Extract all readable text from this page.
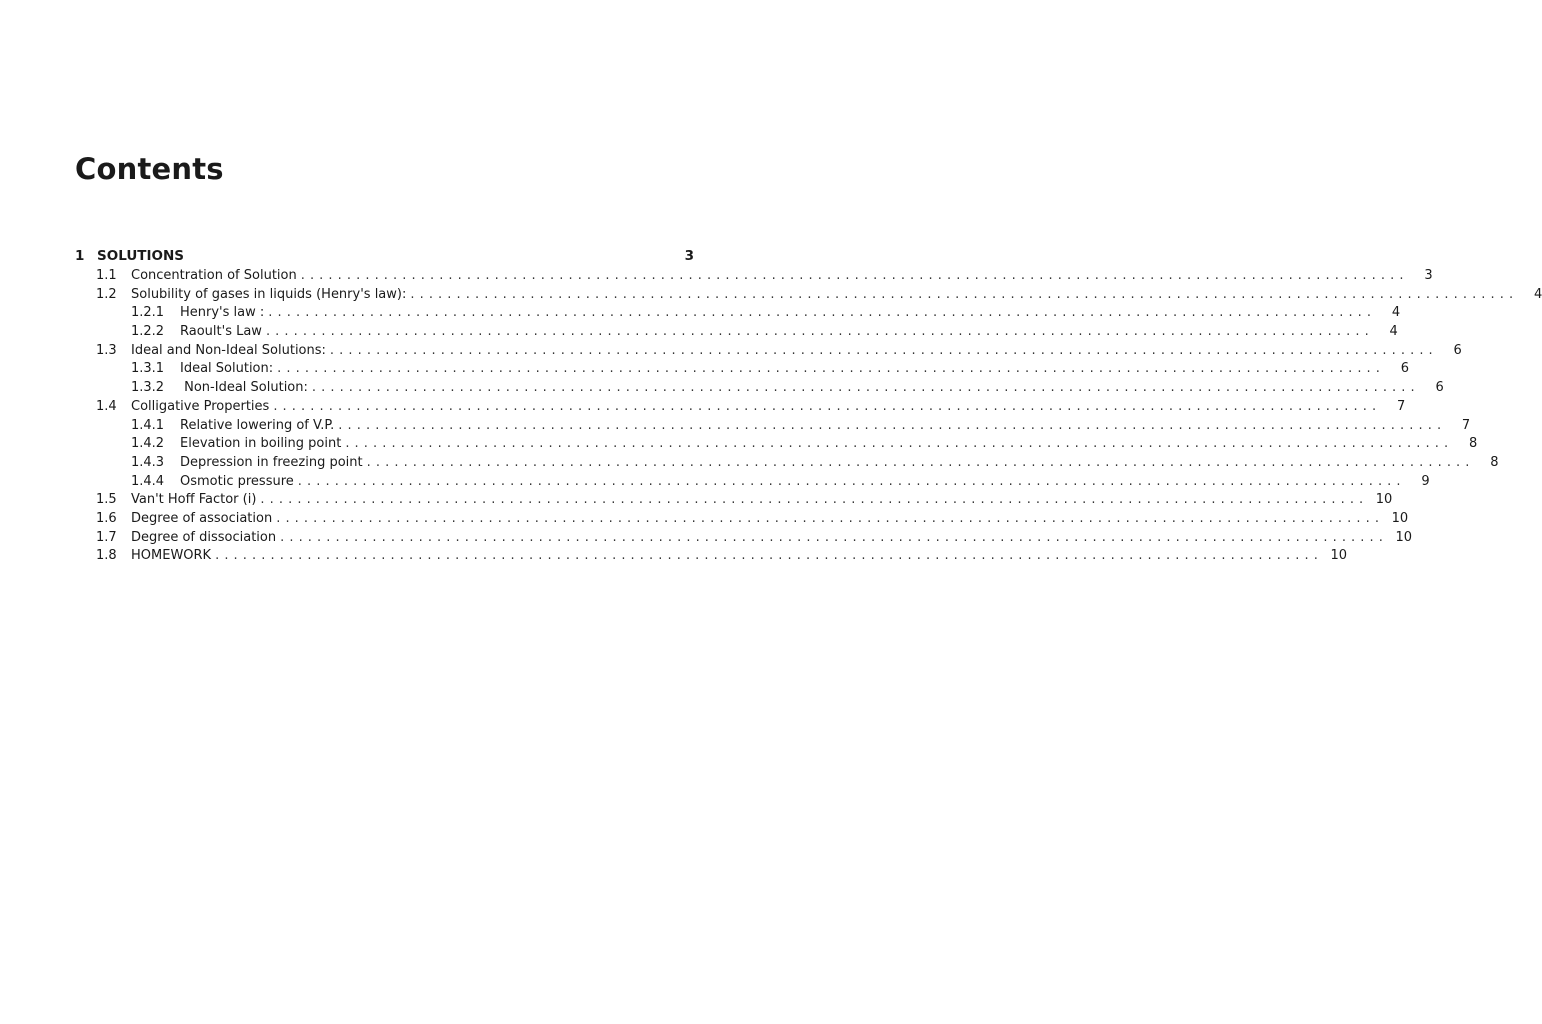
Contents
1 SOLUTIONS	3
1.1	Concentration of Solution ........................................................................................................................	3
1.2	Solubility of gases in liquids (Henry's law): ........................................................................................................................	4
1.2.1	Henry's law : ........................................................................................................................	4
1.2.2	Raoult's Law ........................................................................................................................	4
1.3	Ideal and Non-Ideal Solutions: ........................................................................................................................	6
1.3.1	Ideal Solution: ........................................................................................................................	6
1.3.2	Non-Ideal Solution: ........................................................................................................................	6
1.4	Colligative Properties ........................................................................................................................	7
1.4.1	Relative lowering of V.P. ........................................................................................................................	7
1.4.2	Elevation in boiling point ........................................................................................................................	8
1.4.3	Depression in freezing point ........................................................................................................................	8
1.4.4	Osmotic pressure ........................................................................................................................	9
1.5	Van't Hoff Factor (i) ........................................................................................................................ 10
1.6	Degree of association ........................................................................................................................ 10
1.7	Degree of dissociation ........................................................................................................................ 10
1.8	HOMEWORK ........................................................................................................................ 10
